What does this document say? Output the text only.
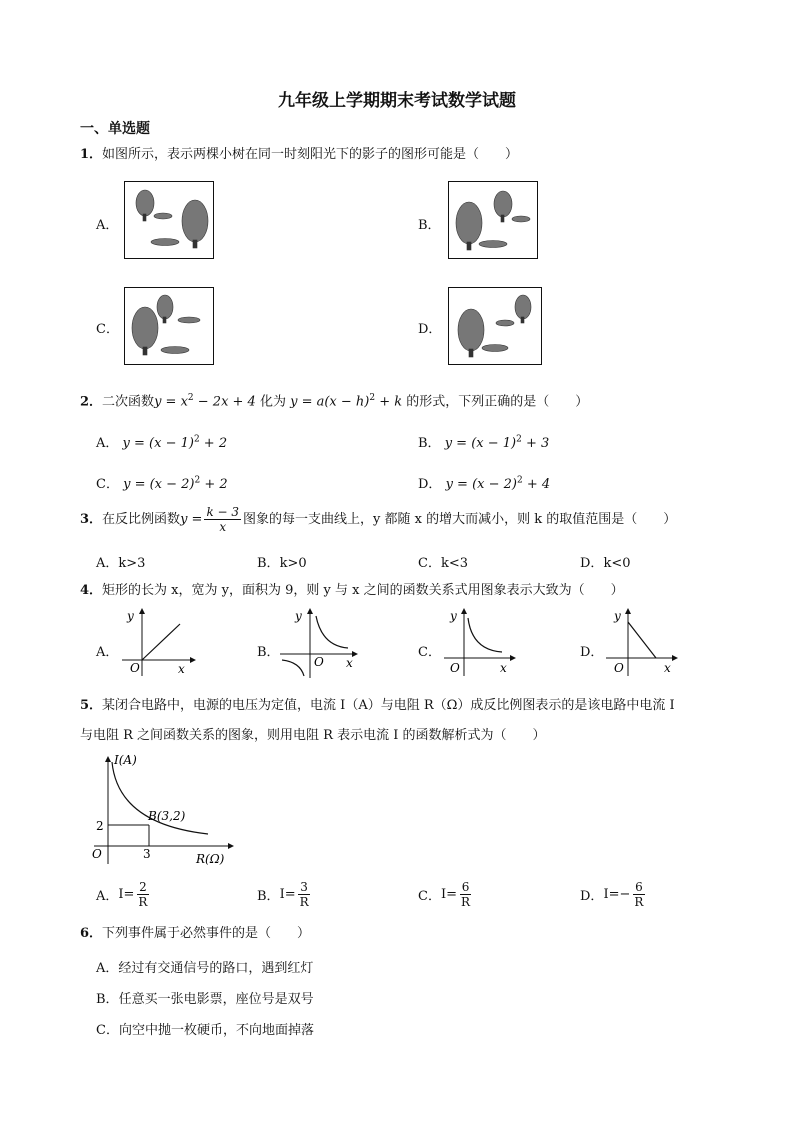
九年级上学期期末考试数学试题
一、单选题
1．如图所示，表示两棵小树在同一时刻阳光下的影子的图形可能是（　　）
A．	B．
C．	D．
2．二次函数$y = x^2 - 2x + 4$ 化为 $y = a(x - h)^2 + k$ 的形式，下列正确的是（　　）
A． $y = (x - 1)^2 + 2$	B． $y = (x - 1)^2 + 3$
C． $y = (x - 2)^2 + 2$	D． $y = (x - 2)^2 + 4$
3． 在反比例函数 $y = \frac{k - 3}{x}$ 图象的每一支曲线上，y 都随 x 的增大而减小，则 k 的取值范围是（　　）
A．k>3	B．k>0	C．k<3	D．k<0
4．矩形的长为 x，宽为 y，面积为 9，则 y 与 x 之间的函数关系式用图象表示大致为（　　）
A．
y
O	x
B．
y
O x
C．
y
O	x
D．
y
O	x
5．某闭合电路中，电源的电压为定值，电流 I（A）与电阻 R（Ω）成反比例图表示的是该电路中电流 I
与电阻 R 之间函数关系的图象，则用电阻 R 表示电流 I 的函数解析式为（　　）
I(A)
B(3,2)
2
O	3	R(Ω)
A． $I= \frac{2}{R}$	B． $I= \frac{3}{R}$	C． $I= \frac{6}{R}$	D． $I= - \frac{6}{R}$
6．下列事件属于必然事件的是（　　）
A．经过有交通信号的路口，遇到红灯
B．任意买一张电影票，座位号是双号
C．向空中抛一枚硬币，不向地面掉落
